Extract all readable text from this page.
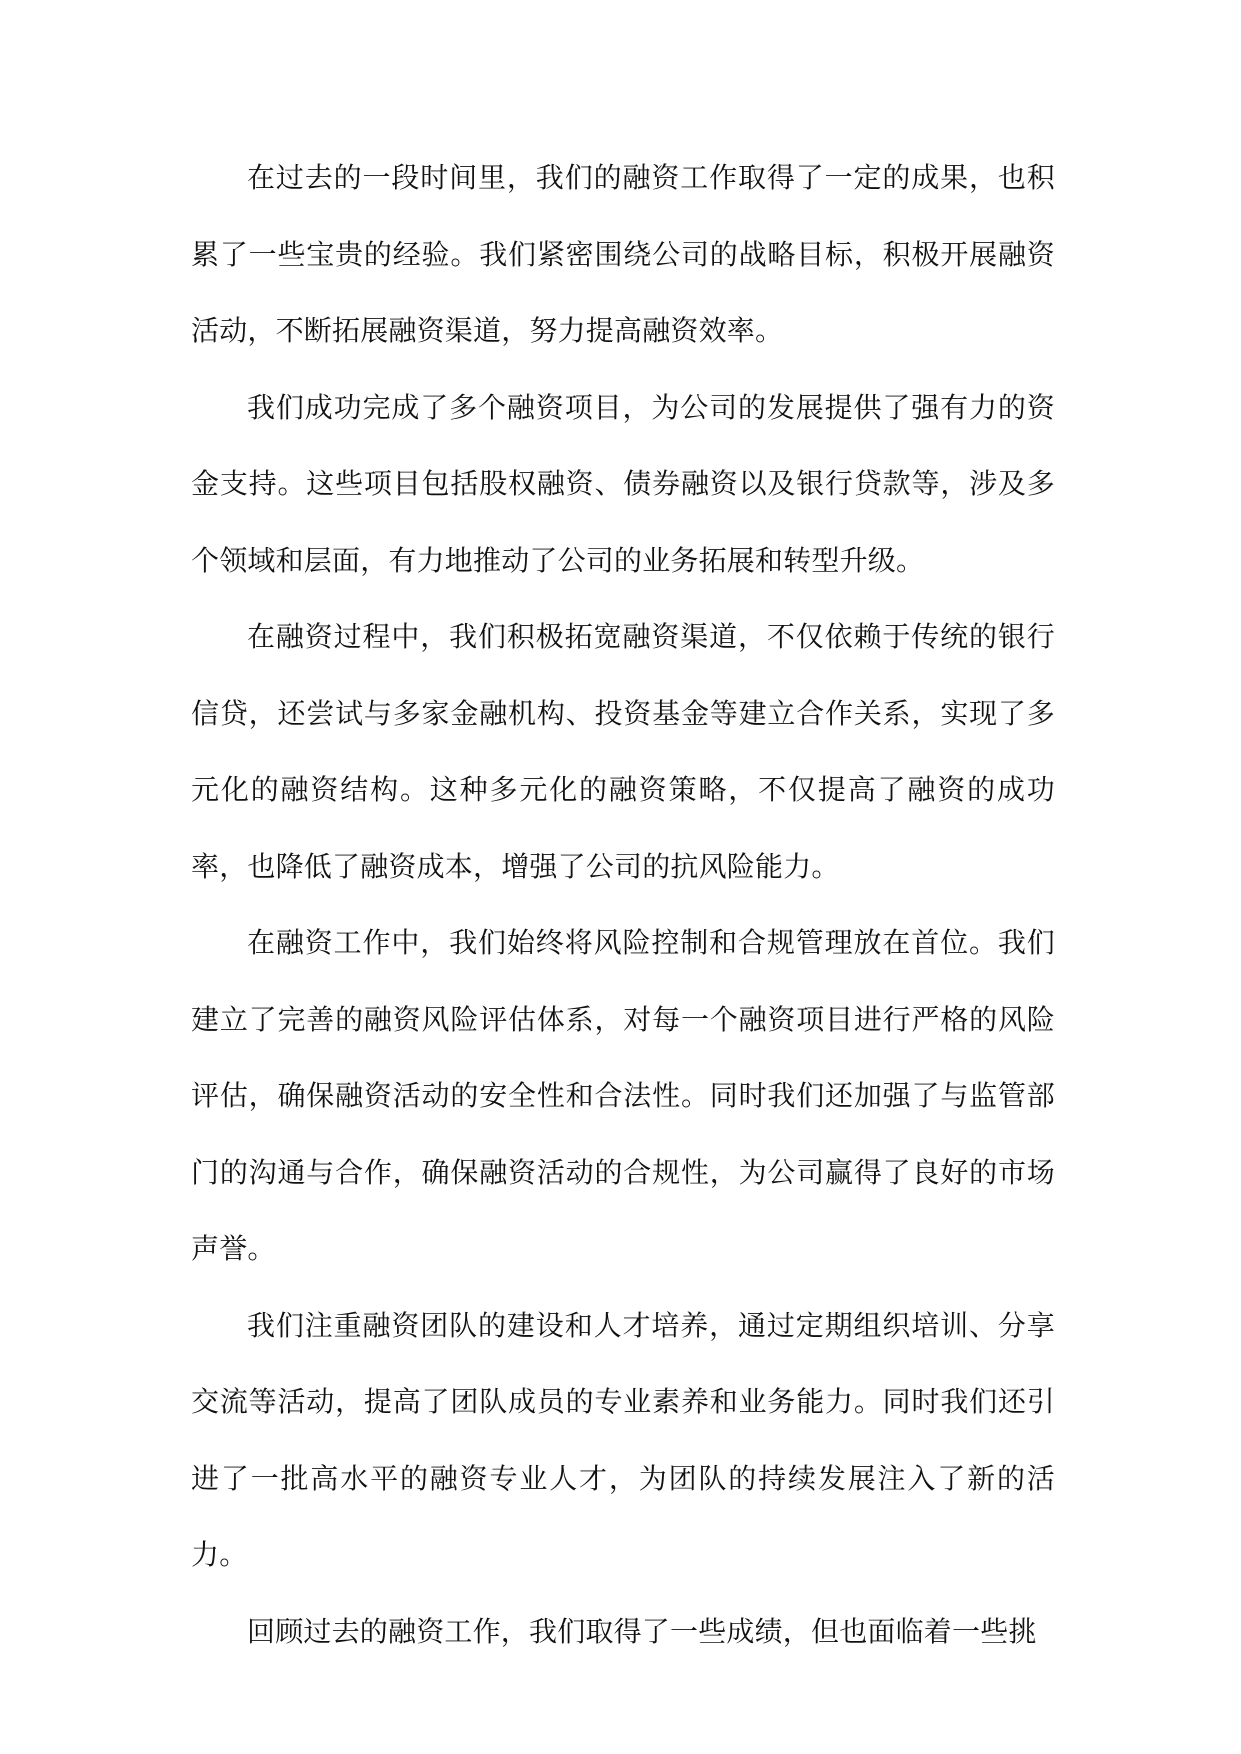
在过去的一段时间里，我们的融资工作取得了一定的成果，也积累了一些宝贵的经验。我们紧密围绕公司的战略目标，积极开展融资活动，不断拓展融资渠道，努力提高融资效率。

我们成功完成了多个融资项目，为公司的发展提供了强有力的资金支持。这些项目包括股权融资、债券融资以及银行贷款等，涉及多个领域和层面，有力地推动了公司的业务拓展和转型升级。

在融资过程中，我们积极拓宽融资渠道，不仅依赖于传统的银行信贷，还尝试与多家金融机构、投资基金等建立合作关系，实现了多元化的融资结构。这种多元化的融资策略，不仅提高了融资的成功率，也降低了融资成本，增强了公司的抗风险能力。

在融资工作中，我们始终将风险控制和合规管理放在首位。我们建立了完善的融资风险评估体系，对每一个融资项目进行严格的风险评估，确保融资活动的安全性和合法性。同时我们还加强了与监管部门的沟通与合作，确保融资活动的合规性，为公司赢得了良好的市场声誉。

我们注重融资团队的建设和人才培养，通过定期组织培训、分享交流等活动，提高了团队成员的专业素养和业务能力。同时我们还引进了一批高水平的融资专业人才，为团队的持续发展注入了新的活力。

回顾过去的融资工作，我们取得了一些成绩，但也面临着一些挑
